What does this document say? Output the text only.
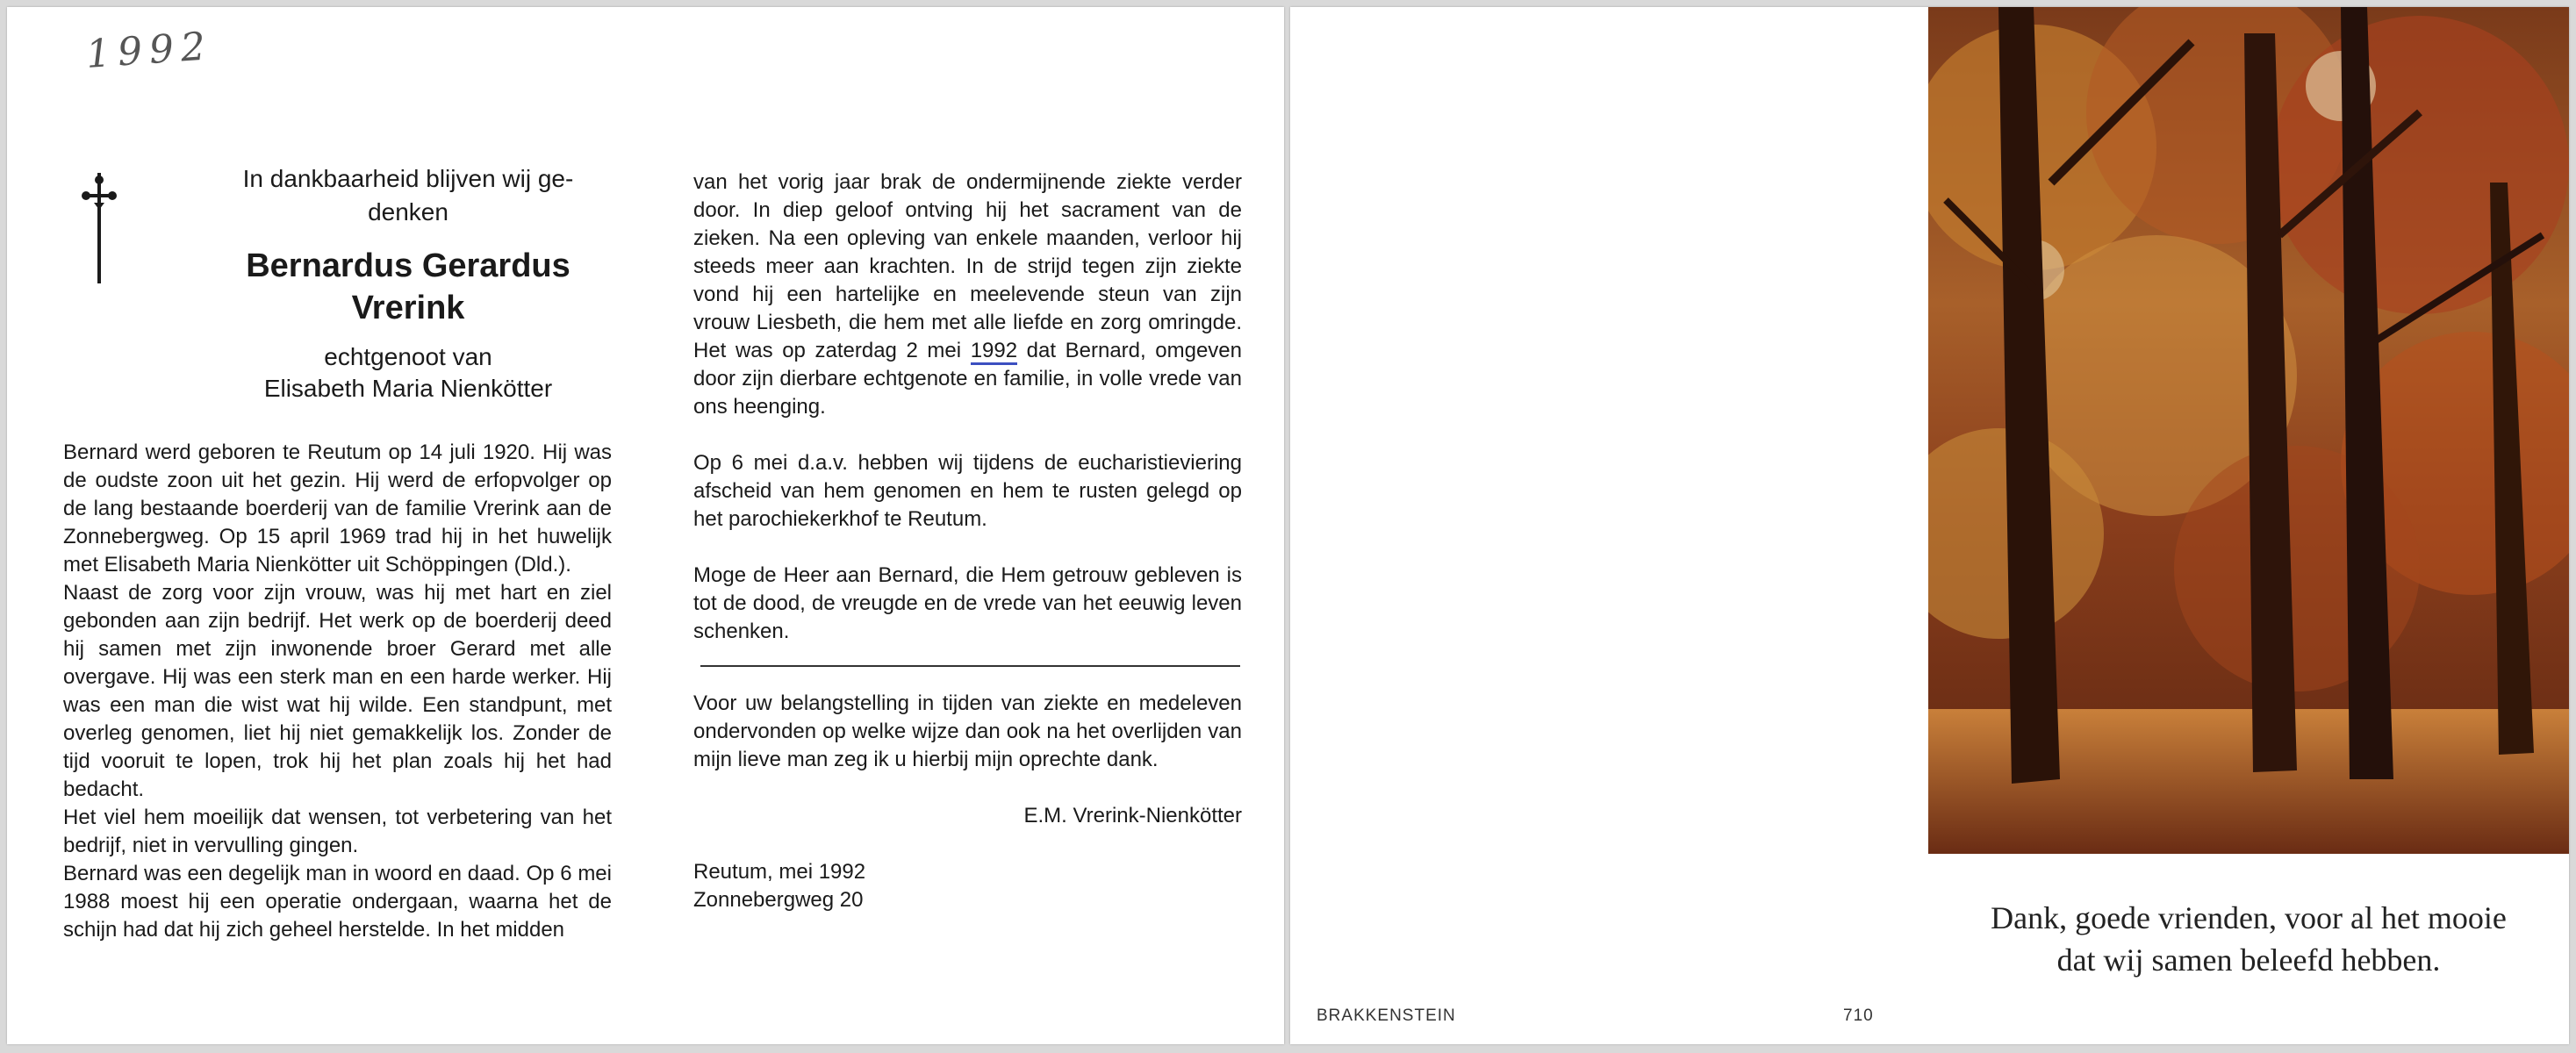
1992
In dankbaarheid blijven wij ge-
denken
Bernardus Gerardus
Vrerink
echtgenoot van
Elisabeth Maria Nienkötter

Bernard werd geboren te Reutum op 14 juli 1920. Hij was de oudste zoon uit het gezin. Hij werd de erfopvolger op de lang bestaande boerderij van de familie Vrerink aan de Zonnebergweg. Op 15 april 1969 trad hij in het huwelijk met Elisabeth Maria Nienkötter uit Schöppingen (Dld.).

Naast de zorg voor zijn vrouw, was hij met hart en ziel gebonden aan zijn bedrijf. Het werk op de boerderij deed hij samen met zijn inwonende broer Gerard met alle overgave. Hij was een sterk man en een harde werker. Hij was een man die wist wat hij wilde. Een standpunt, met overleg genomen, liet hij niet gemakkelijk los. Zonder de tijd vooruit te lopen, trok hij het plan zoals hij het had bedacht.

Het viel hem moeilijk dat wensen, tot verbetering van het bedrijf, niet in vervulling gingen.

Bernard was een degelijk man in woord en daad. Op 6 mei 1988 moest hij een operatie ondergaan, waarna het de schijn had dat hij zich geheel herstelde. In het midden

van het vorig jaar brak de ondermijnende ziekte verder door. In diep geloof ontving hij het sacrament van de zieken. Na een opleving van enkele maanden, verloor hij steeds meer aan krachten. In de strijd tegen zijn ziekte vond hij een hartelijke en meelevende steun van zijn vrouw Liesbeth, die hem met alle liefde en zorg omringde. Het was op zaterdag 2 mei 1992 dat Bernard, omgeven door zijn dierbare echtgenote en familie, in volle vrede van ons heenging.

Op 6 mei d.a.v. hebben wij tijdens de eucharistieviering afscheid van hem genomen en hem te rusten gelegd op het parochiekerkhof te Reutum.

Moge de Heer aan Bernard, die Hem getrouw gebleven is tot de dood, de vreugde en de vrede van het eeuwig leven schenken.

Voor uw belangstelling in tijden van ziekte en medeleven ondervonden op welke wijze dan ook na het overlijden van mijn lieve man zeg ik u hierbij mijn oprechte dank.

E.M. Vrerink-Nienkötter

Reutum, mei 1992
Zonnebergweg 20
BRAKKENSTEIN	710
Dank, goede vrienden, voor al het mooie
dat wij samen beleefd hebben.
